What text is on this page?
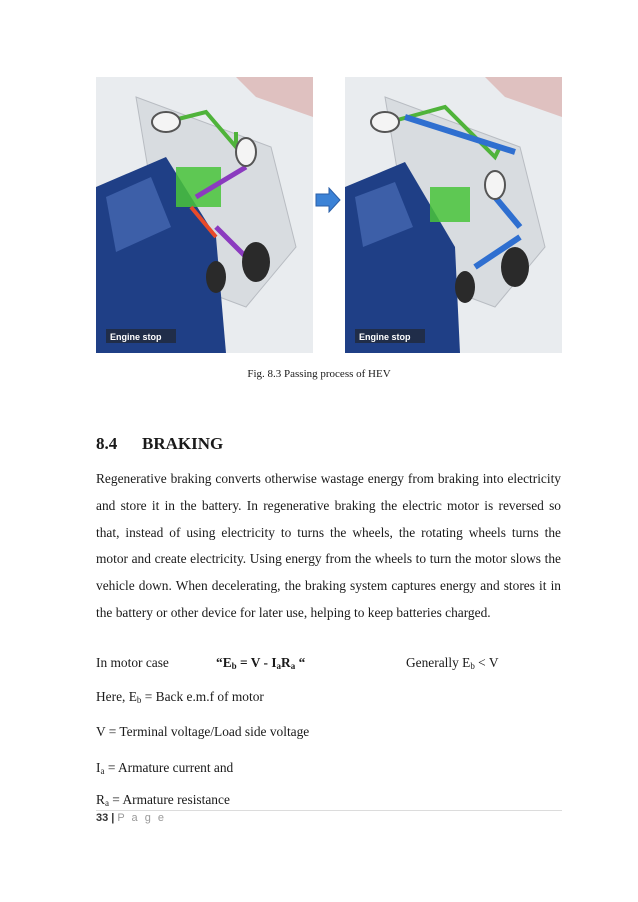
Engine stop	Engine stop
Fig. 8.3 Passing process of HEV
8.4 BRAKING
Regenerative braking converts otherwise wastage energy from braking into electricity and store it in the battery. In regenerative braking the electric motor is reversed so that, instead of using electricity to turns the wheels, the rotating wheels turns the motor and create electricity. Using energy from the wheels to turn the motor slows the vehicle down. When decelerating, the braking system captures energy and stores it in the battery or other device for later use, helping to keep batteries charged.
In motor case	“$E_b = V - I_aR_a$ “	Generally $E_b < V$
Here, $E_b$ = Back e.m.f of motor
V = Terminal voltage/Load side voltage
$I_a$ = Armature current and
$R_a$ = Armature resistance
33 | P a g e
